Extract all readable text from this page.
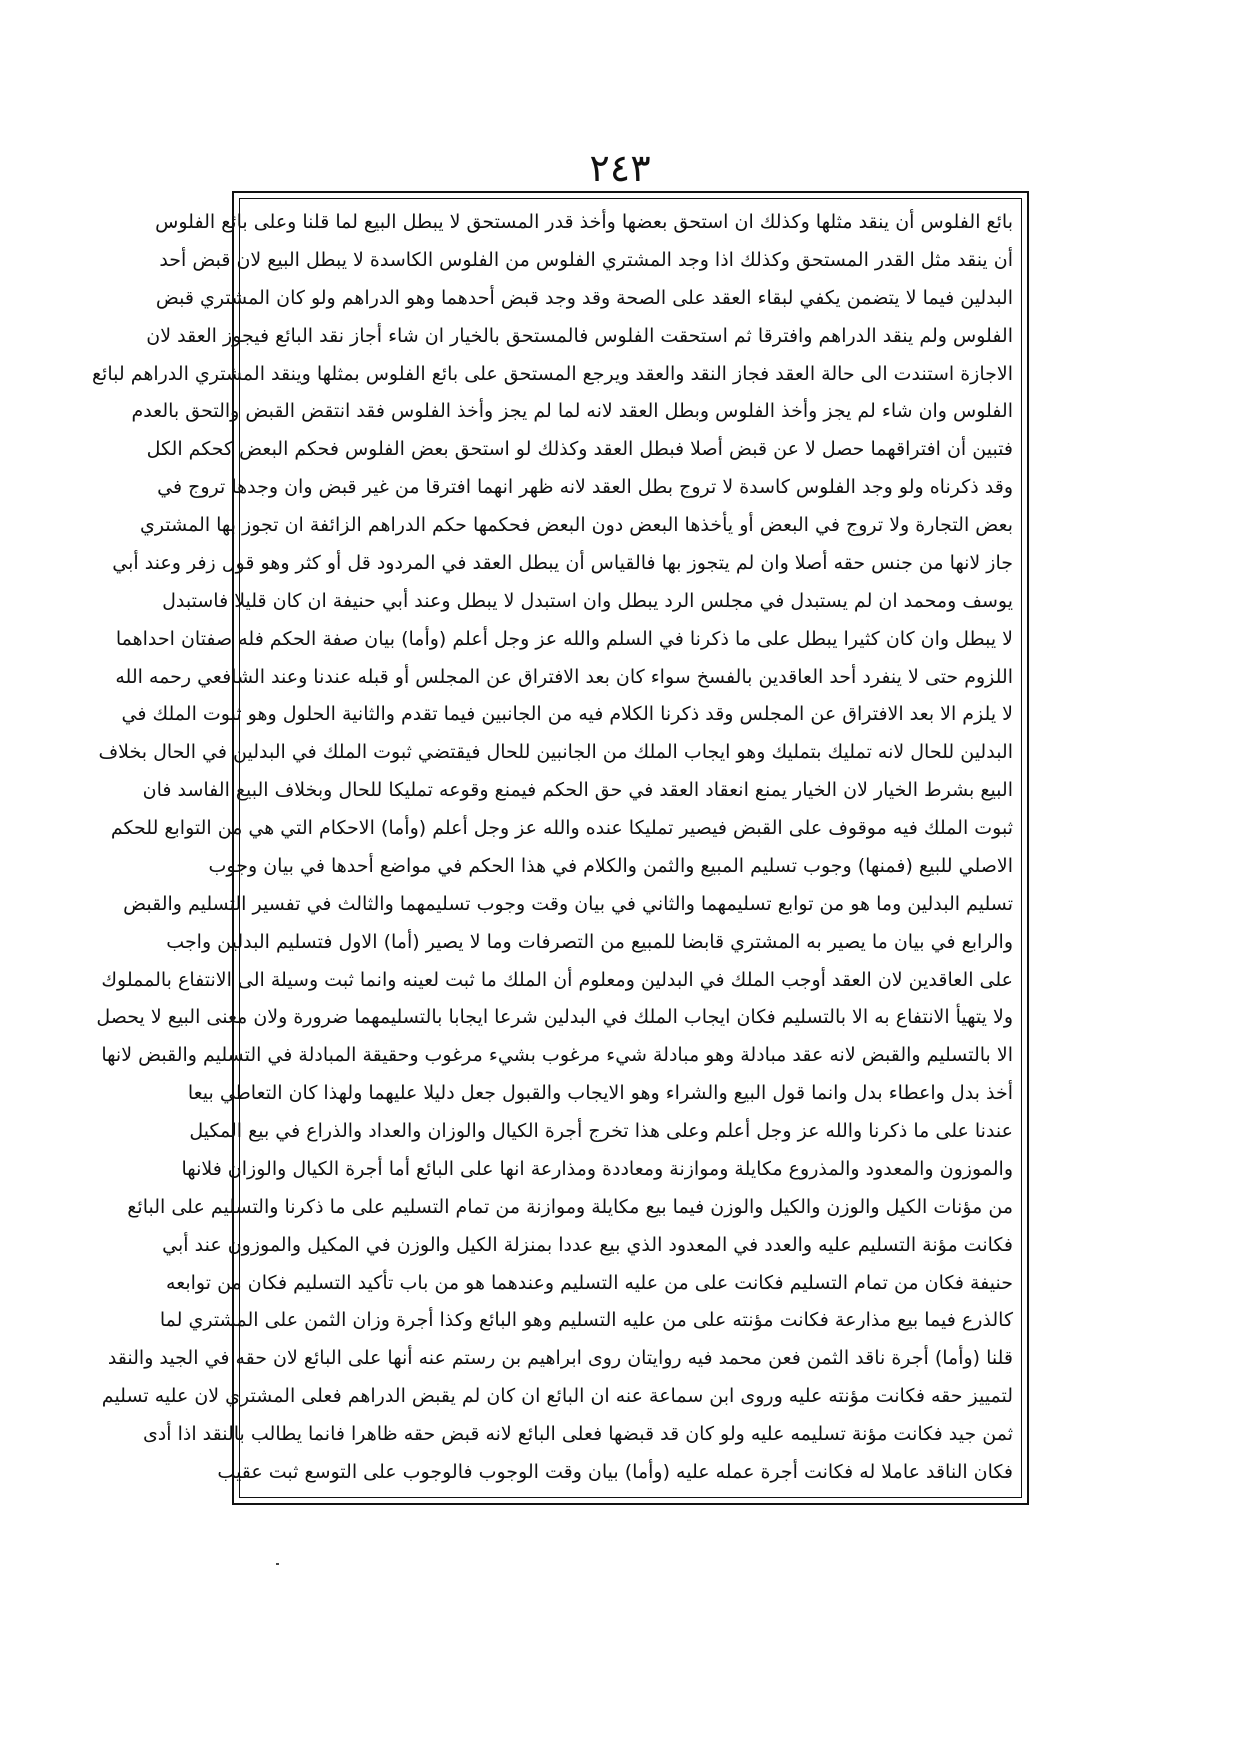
٢٤٣
بائع الفلوس أن ينقد مثلها وكذلك ان استحق بعضها وأخذ قدر المستحق لا يبطل البيع لما قلنا وعلى بائع الفلوس
أن ينقد مثل القدر المستحق وكذلك اذا وجد المشتري الفلوس من الفلوس الكاسدة لا يبطل البيع لان قبض أحد
البدلين فيما لا يتضمن يكفي لبقاء العقد على الصحة وقد وجد قبض أحدهما وهو الدراهم ولو كان المشتري قبض
الفلوس ولم ينقد الدراهم وافترقا ثم استحقت الفلوس فالمستحق بالخيار ان شاء أجاز نقد البائع فيجوز العقد لان
الاجازة استندت الى حالة العقد فجاز النقد والعقد ويرجع المستحق على بائع الفلوس بمثلها وينقد المشتري الدراهم لبائع
الفلوس وان شاء لم يجز وأخذ الفلوس وبطل العقد لانه لما لم يجز وأخذ الفلوس فقد انتقض القبض والتحق بالعدم
فتبين أن افتراقهما حصل لا عن قبض أصلا فبطل العقد وكذلك لو استحق بعض الفلوس فحكم البعض كحكم الكل
وقد ذكرناه ولو وجد الفلوس كاسدة لا تروج بطل العقد لانه ظهر انهما افترقا من غير قبض وان وجدها تروج في
بعض التجارة ولا تروج في البعض أو يأخذها البعض دون البعض فحكمها حكم الدراهم الزائفة ان تجوز بها المشتري
جاز لانها من جنس حقه أصلا وان لم يتجوز بها فالقياس أن يبطل العقد في المردود قل أو كثر وهو قول زفر وعند أبي
يوسف ومحمد ان لم يستبدل في مجلس الرد يبطل وان استبدل لا يبطل وعند أبي حنيفة ان كان قليلا فاستبدل
لا يبطل وان كان كثيرا يبطل على ما ذكرنا في السلم والله عز وجل أعلم (وأما) بيان صفة الحكم فله صفتان احداهما
اللزوم حتى لا ينفرد أحد العاقدين بالفسخ سواء كان بعد الافتراق عن المجلس أو قبله عندنا وعند الشافعي رحمه الله
لا يلزم الا بعد الافتراق عن المجلس وقد ذكرنا الكلام فيه من الجانبين فيما تقدم والثانية الحلول وهو ثبوت الملك في
البدلين للحال لانه تمليك بتمليك وهو ايجاب الملك من الجانبين للحال فيقتضي ثبوت الملك في البدلين في الحال بخلاف
البيع بشرط الخيار لان الخيار يمنع انعقاد العقد في حق الحكم فيمنع وقوعه تمليكا للحال وبخلاف البيع الفاسد فان
ثبوت الملك فيه موقوف على القبض فيصير تمليكا عنده والله عز وجل أعلم (وأما) الاحكام التي هي من التوابع للحكم
الاصلي للبيع (فمنها) وجوب تسليم المبيع والثمن والكلام في هذا الحكم في مواضع أحدها في بيان وجوب
تسليم البدلين وما هو من توابع تسليمهما والثاني في بيان وقت وجوب تسليمهما والثالث في تفسير التسليم والقبض
والرابع في بيان ما يصير به المشتري قابضا للمبيع من التصرفات وما لا يصير (أما) الاول فتسليم البدلين واجب
على العاقدين لان العقد أوجب الملك في البدلين ومعلوم أن الملك ما ثبت لعينه وانما ثبت وسيلة الى الانتفاع بالمملوك
ولا يتهيأ الانتفاع به الا بالتسليم فكان ايجاب الملك في البدلين شرعا ايجابا بالتسليمهما ضرورة ولان معنى البيع لا يحصل
الا بالتسليم والقبض لانه عقد مبادلة وهو مبادلة شيء مرغوب بشيء مرغوب وحقيقة المبادلة في التسليم والقبض لانها
أخذ بدل واعطاء بدل وانما قول البيع والشراء وهو الايجاب والقبول جعل دليلا عليهما ولهذا كان التعاطي بيعا
عندنا على ما ذكرنا والله عز وجل أعلم وعلى هذا تخرج أجرة الكيال والوزان والعداد والذراع في بيع المكيل
والموزون والمعدود والمذروع مكايلة وموازنة ومعاددة ومذارعة انها على البائع أما أجرة الكيال والوزان فلانها
من مؤنات الكيل والوزن والكيل والوزن فيما بيع مكايلة وموازنة من تمام التسليم على ما ذكرنا والتسليم على البائع
فكانت مؤنة التسليم عليه والعدد في المعدود الذي بيع عددا بمنزلة الكيل والوزن في المكيل والموزون عند أبي
حنيفة فكان من تمام التسليم فكانت على من عليه التسليم وعندهما هو من باب تأكيد التسليم فكان من توابعه
كالذرع فيما بيع مذارعة فكانت مؤنته على من عليه التسليم وهو البائع وكذا أجرة وزان الثمن على المشتري لما
قلنا (وأما) أجرة ناقد الثمن فعن محمد فيه روايتان روى ابراهيم بن رستم عنه أنها على البائع لان حقه في الجيد والنقد
لتمييز حقه فكانت مؤنته عليه وروى ابن سماعة عنه ان البائع ان كان لم يقبض الدراهم فعلى المشتري لان عليه تسليم
ثمن جيد فكانت مؤنة تسليمه عليه ولو كان قد قبضها فعلى البائع لانه قبض حقه ظاهرا فانما يطالب بالنقد اذا أدى
فكان الناقد عاملا له فكانت أجرة عمله عليه (وأما) بيان وقت الوجوب فالوجوب على التوسع ثبت عقيب
